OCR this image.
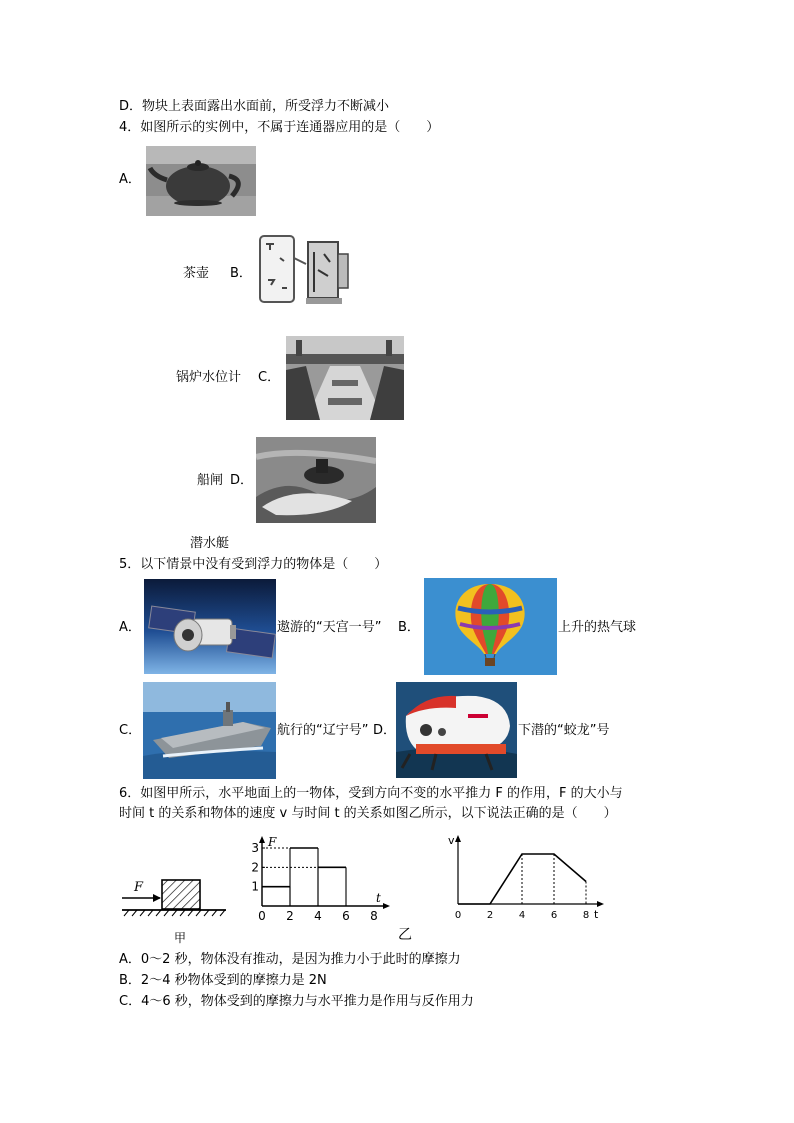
D．物块上表面露出水面前，所受浮力不断减小
4．如图所示的实例中，不属于连通器应用的是（　　）
A．
茶壶 B．
锅炉水位计 C．
船闸 D．
潜水艇
5．以下情景中没有受到浮力的物体是（　　）
A．	遨游的“天宫一号” B．	上升的热气球
C．	航行的“辽宁号” D．	下潜的“蛟龙”号
6．如图甲所示，水平地面上的一物体，受到方向不变的水平推力 F 的作用，F 的大小与
时间 t 的关系和物体的速度 v 与时间 t 的关系如图乙所示，以下说法正确的是（　　）
F
甲
F
t
0 2 4 6 8
1
2
3
v
t
0	2	4	6	8
乙
A．0～2 秒，物体没有推动，是因为推力小于此时的摩擦力
B．2～4 秒物体受到的摩擦力是 2N
C．4～6 秒，物体受到的摩擦力与水平推力是作用与反作用力
